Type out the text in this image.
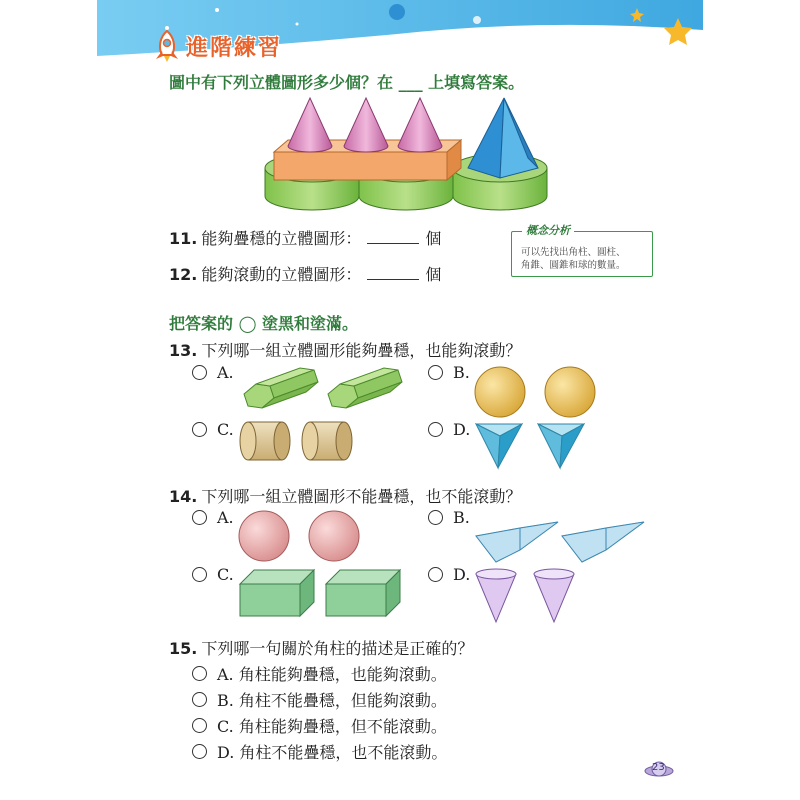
進階練習
圖中有下列立體圖形多少個？在 ___ 上填寫答案。
11. 能夠疊穩的立體圖形：	個
12. 能夠滾動的立體圖形：	個
概念分析
可以先找出角柱、圓柱、
角錐、圓錐和球的數量。
把答案的 ◯ 塗黑和塗滿。
13. 下列哪一組立體圖形能夠疊穩，也能夠滾動？
A.	B.
C.	D.
14. 下列哪一組立體圖形不能疊穩，也不能滾動？
A.	B.
C.	D.
15. 下列哪一句關於角柱的描述是正確的？
A. 角柱能夠疊穩，也能夠滾動。
B. 角柱不能疊穩，但能夠滾動。
C. 角柱能夠疊穩，但不能滾動。
D. 角柱不能疊穩，也不能滾動。
23
